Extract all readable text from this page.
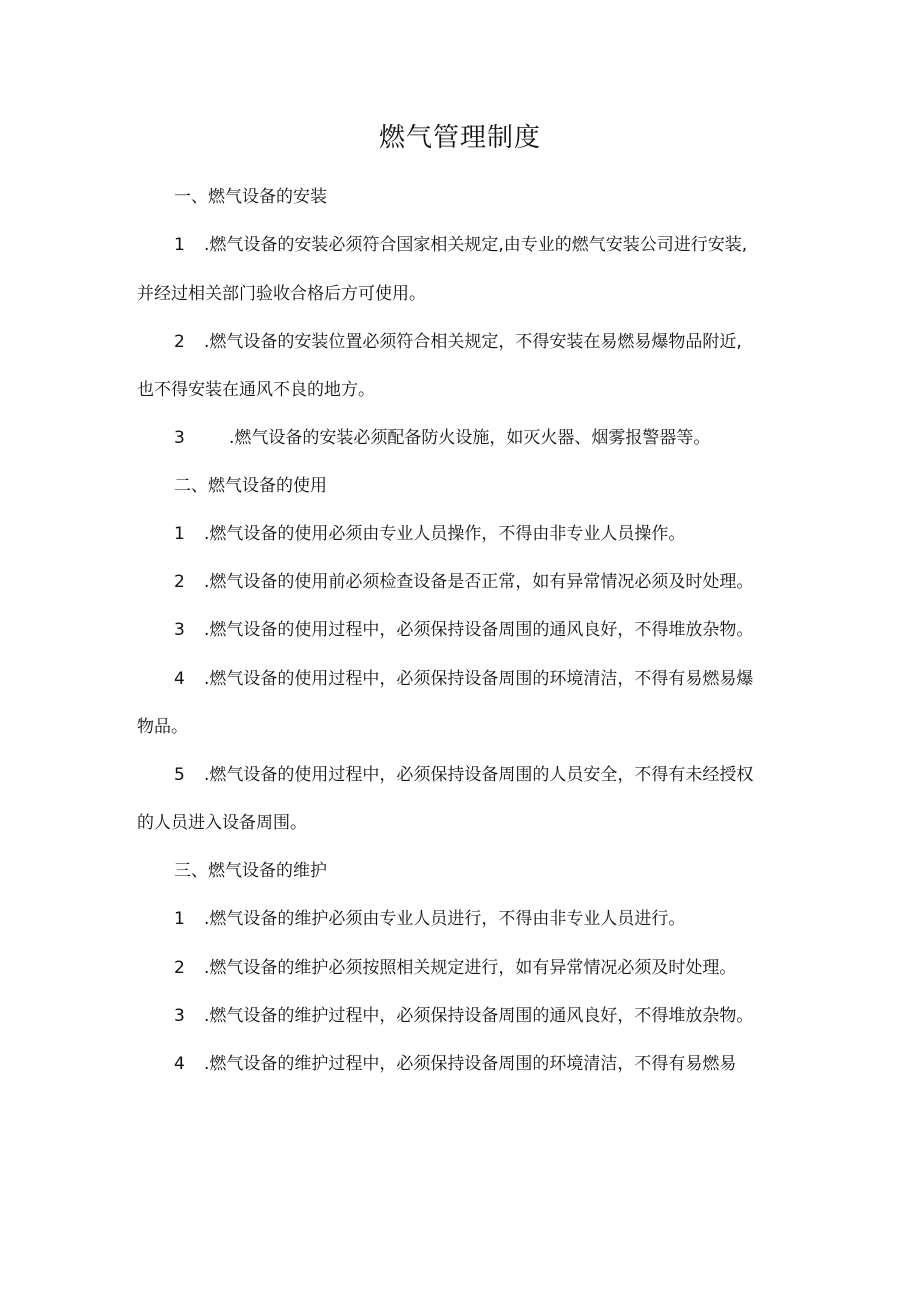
燃气管理制度
一、燃气设备的安装
1 .燃气设备的安装必须符合国家相关规定,由专业的燃气安装公司进行安装,
并经过相关部门验收合格后方可使用。
2 .燃气设备的安装位置必须符合相关规定，不得安装在易燃易爆物品附近,
也不得安装在通风不良的地方。
3	.燃气设备的安装必须配备防火设施，如灭火器、烟雾报警器等。
二、燃气设备的使用
1 .燃气设备的使用必须由专业人员操作，不得由非专业人员操作。
2 .燃气设备的使用前必须检查设备是否正常，如有异常情况必须及时处理。
3 .燃气设备的使用过程中，必须保持设备周围的通风良好，不得堆放杂物。
4 .燃气设备的使用过程中，必须保持设备周围的环境清洁，不得有易燃易爆
物品。
5 .燃气设备的使用过程中，必须保持设备周围的人员安全，不得有未经授权
的人员进入设备周围。
三、燃气设备的维护
1 .燃气设备的维护必须由专业人员进行，不得由非专业人员进行。
2 .燃气设备的维护必须按照相关规定进行，如有异常情况必须及时处理。
3 .燃气设备的维护过程中，必须保持设备周围的通风良好，不得堆放杂物。
4 .燃气设备的维护过程中，必须保持设备周围的环境清洁，不得有易燃易
